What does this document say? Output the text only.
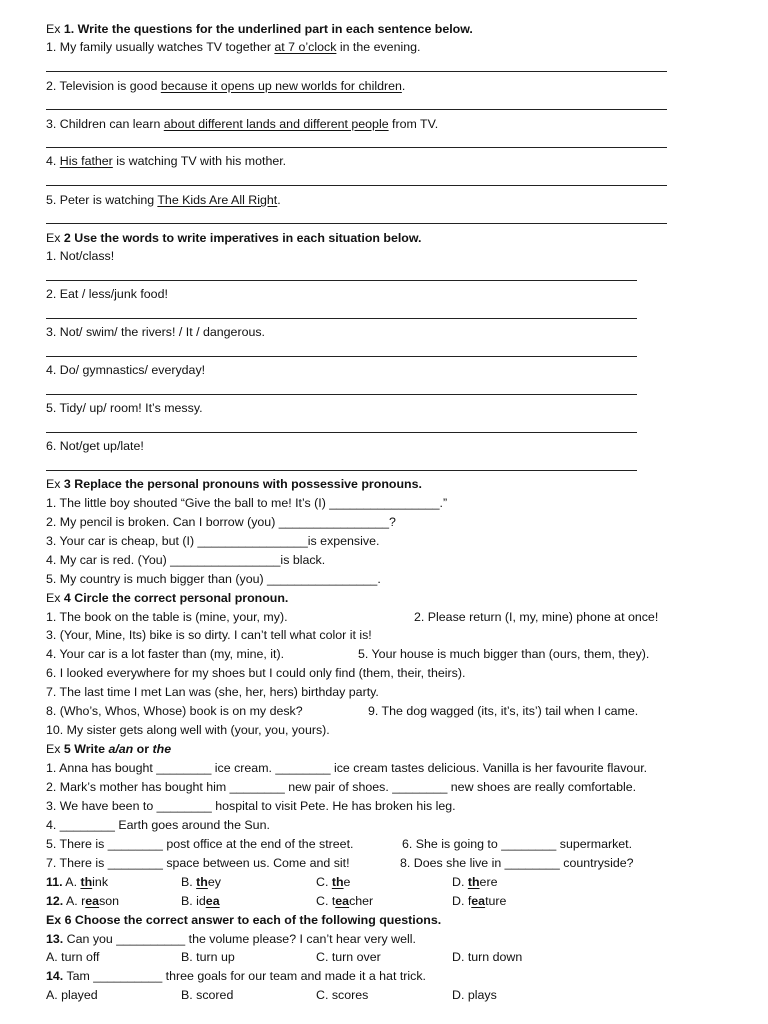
Ex 1. Write the questions for the underlined part in each sentence below.
1. My family usually watches TV together at 7 o’clock in the evening.
2. Television is good because it opens up new worlds for children.
3. Children can learn about different lands and different people from TV.
4. His father is watching TV with his mother.
5. Peter is watching The Kids Are All Right.
Ex 2 Use the words to write imperatives in each situation below.
1. Not/class!
2. Eat / less/junk food!
3. Not/ swim/ the rivers! / It / dangerous.
4. Do/ gymnastics/ everyday!
5. Tidy/ up/ room! It’s messy.
6. Not/get up/late!
Ex 3 Replace the personal pronouns with possessive pronouns.
1. The little boy shouted “Give the ball to me! It’s (I) ________________.”
2. My pencil is broken. Can I borrow (you) ________________?
3. Your car is cheap, but (I) ________________is expensive.
4. My car is red. (You) ________________is black.
5. My country is much bigger than (you) ________________.
Ex 4 Circle the correct personal pronoun.
1. The book on the table is (mine, your, my).	2. Please return (I, my, mine) phone at once!
3. (Your, Mine, Its) bike is so dirty. I can’t tell what color it is!
4. Your car is a lot faster than (my, mine, it).	5. Your house is much bigger than (ours, them, they).
6. I looked everywhere for my shoes but I could only find (them, their, theirs).
7. The last time I met Lan was (she, her, hers) birthday party.
8. (Who’s, Whos, Whose) book is on my desk?	9. The dog wagged (its, it’s, its’) tail when I came.
10. My sister gets along well with (your, you, yours).
Ex 5 Write a/an or the
1. Anna has bought ________ ice cream. ________ ice cream tastes delicious. Vanilla is her favourite flavour.
2. Mark’s mother has bought him ________ new pair of shoes. ________ new shoes are really comfortable.
3. We have been to ________ hospital to visit Pete. He has broken his leg.
4. ________ Earth goes around the Sun.
5. There is ________ post office at the end of the street.	6. She is going to ________ supermarket.
7. There is ________ space between us. Come and sit!	8. Does she live in ________ countryside?
11. A. think	B. they	C. the	D. there
12. A. reason	B. idea	C. teacher	D. feature
Ex 6 Choose the correct answer to each of the following questions.
13. Can you __________ the volume please? I can’t hear very well.
A. turn off	B. turn up	C. turn over	D. turn down
14. Tam __________ three goals for our team and made it a hat trick.
A. played	B. scored	C. scores	D. plays
